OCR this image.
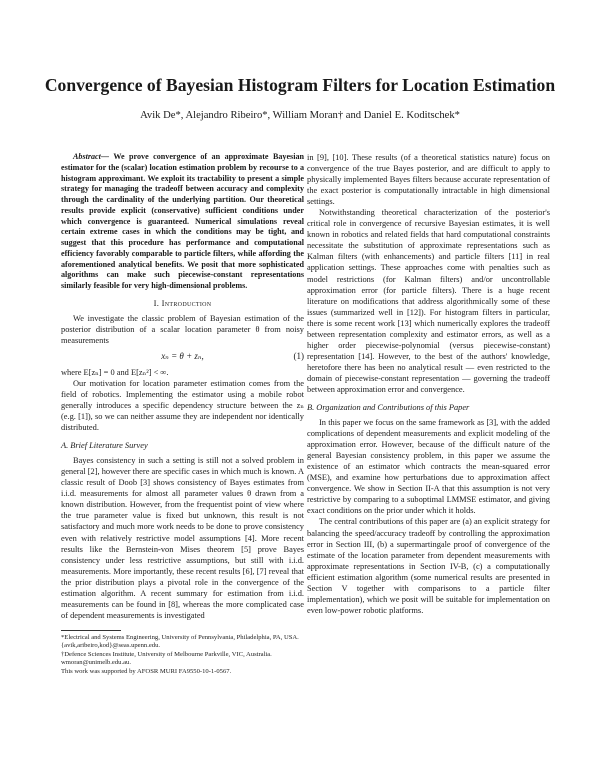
Convergence of Bayesian Histogram Filters for Location Estimation
Avik De*, Alejandro Ribeiro*, William Moran† and Daniel E. Koditschek*

Abstract— We prove convergence of an approximate Bayesian estimator for the (scalar) location estimation problem by recourse to a histogram approximant. We exploit its tractability to present a simple strategy for managing the tradeoff between accuracy and complexity through the cardinality of the underlying partition. Our theoretical results provide explicit (conservative) sufficient conditions under which convergence is guaranteed. Numerical simulations reveal certain extreme cases in which the conditions may be tight, and suggest that this procedure has performance and computational efficiency favorably comparable to particle filters, while affording the aforementioned analytical benefits. We posit that more sophisticated algorithms can make such piecewise-constant representations similarly feasible for very high-dimensional problems.

I. Introduction

We investigate the classic problem of Bayesian estimation of the posterior distribution of a scalar location parameter θ from noisy measurements

xₙ = θ + zₙ,	(1)

where E[zₙ] = 0 and E[zₙ²] < ∞.

Our motivation for location parameter estimation comes from the field of robotics. Implementing the estimator using a mobile robot generally introduces a specific dependency structure between the zₙ (e.g. [1]), so we can neither assume they are independent nor identically distributed.

A. Brief Literature Survey

Bayes consistency in such a setting is still not a solved problem in general [2], however there are specific cases in which much is known. A classic result of Doob [3] shows consistency of Bayes estimates from i.i.d. measurements for almost all parameter values θ drawn from a known distribution. However, from the frequentist point of view where the true parameter value is fixed but unknown, this result is not satisfactory and much more work needs to be done to prove consistency even with relatively restrictive model assumptions [4]. More recent results like the Bernstein-von Mises theorem [5] prove Bayes consistency under less restrictive assumptions, but still with i.i.d. measurements. More importantly, these recent results [6], [7] reveal that the prior distribution plays a pivotal role in the convergence of the estimation algorithm. A recent summary for estimation from i.i.d. measurements can be found in [8], whereas the more complicated case of dependent measurements is investigated

*Electrical and Systems Engineering, University of Pennsylvania, Philadelphia, PA, USA. {avik,aribeiro,kod}@seas.upenn.edu.

†Defence Sciences Institute, University of Melbourne Parkville, VIC, Australia. wmoran@unimelb.edu.au.

This work was supported by AFOSR MURI FA9550-10-1-0567.

in [9], [10]. These results (of a theoretical statistics nature) focus on convergence of the true Bayes posterior, and are difficult to apply to physically implemented Bayes filters because accurate representation of the exact posterior is computationally intractable in high dimensional settings.

Notwithstanding theoretical characterization of the posterior's critical role in convergence of recursive Bayesian estimates, it is well known in robotics and related fields that hard computational constraints necessitate the substitution of approximate representations such as Kalman filters (with enhancements) and particle filters [11] in real application settings. These approaches come with penalties such as model restrictions (for Kalman filters) and/or uncontrollable approximation error (for particle filters). There is a huge recent literature on modifications that address algorithmically some of these issues (summarized well in [12]). For histogram filters in particular, there is some recent work [13] which numerically explores the tradeoff between representation complexity and estimator errors, as well as a higher order piecewise-polynomial (versus piecewise-constant) representation [14]. However, to the best of the authors' knowledge, heretofore there has been no analytical result — even restricted to the domain of piecewise-constant representation — governing the tradeoff between approximation error and convergence.

B. Organization and Contributions of this Paper

In this paper we focus on the same framework as [3], with the added complications of dependent measurements and explicit modeling of the approximation error. However, because of the difficult nature of the general Bayesian consistency problem, in this paper we assume the existence of an estimator which contracts the mean-squared error (MSE), and examine how perturbations due to approximation affect convergence. We show in Section II-A that this assumption is not very restrictive by comparing to a suboptimal LMMSE estimator, and giving exact conditions on the prior under which it holds.

The central contributions of this paper are (a) an explicit strategy for balancing the speed/accuracy tradeoff by controlling the approximation error in Section III, (b) a supermartingale proof of convergence of the estimate of the location parameter from dependent measurements with approximate representations in Section IV-B, (c) a computationally efficient estimation algorithm (some numerical results are presented in Section V together with comparisons to a particle filter implementation), which we posit will be suitable for implementation on even low-power robotic platforms.
